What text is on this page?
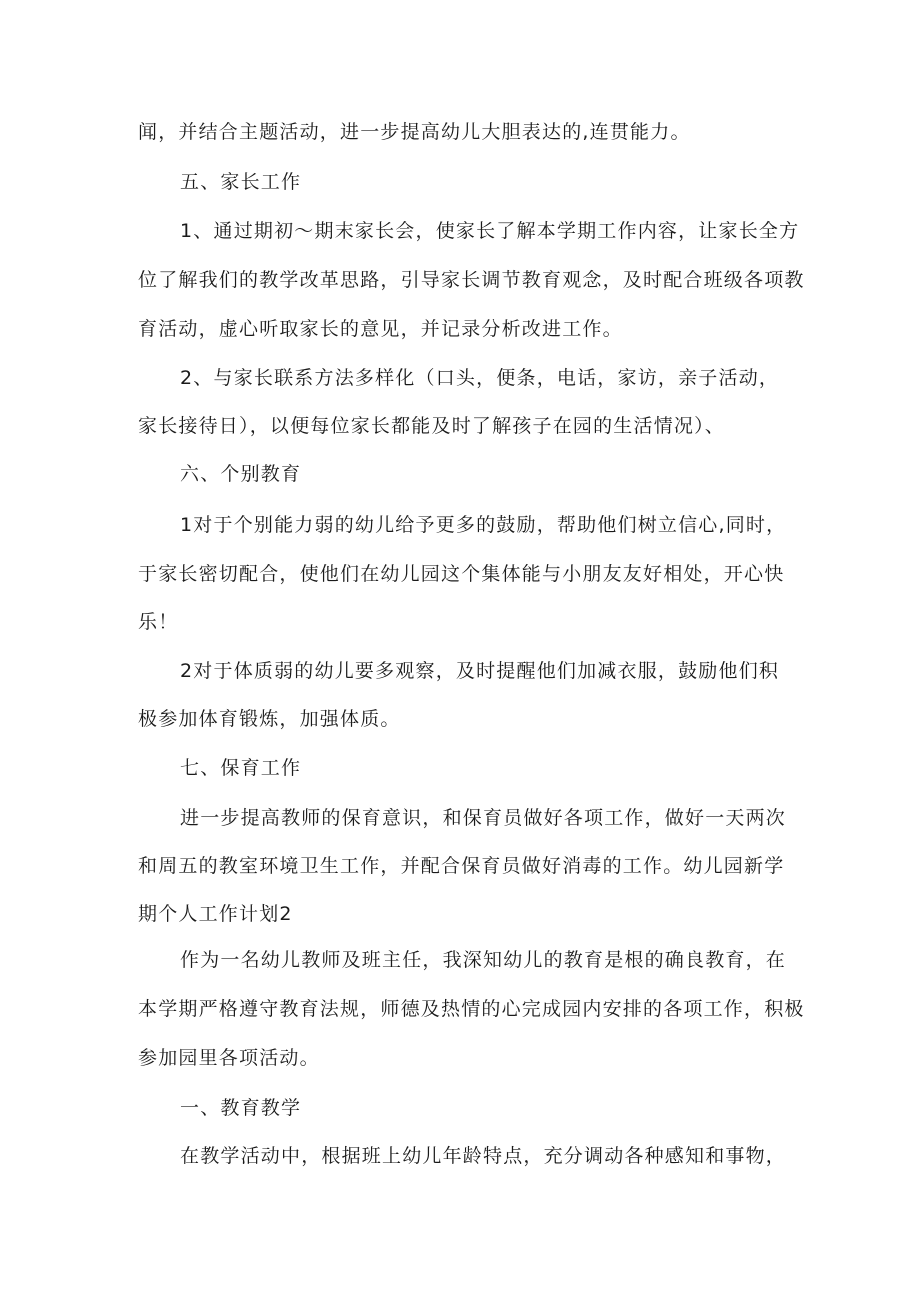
闻，并结合主题活动，进一步提高幼儿大胆表达的,连贯能力。
五、家长工作
1、通过期初～期末家长会，使家长了解本学期工作内容，让家长全方
位了解我们的教学改革思路，引导家长调节教育观念，及时配合班级各项教
育活动，虚心听取家长的意见，并记录分析改进工作。
2、与家长联系方法多样化（口头，便条，电话，家访，亲子活动，
家长接待日），以便每位家长都能及时了解孩子在园的生活情况）、
六、个别教育
1对于个别能力弱的幼儿给予更多的鼓励，帮助他们树立信心,同时，
于家长密切配合，使他们在幼儿园这个集体能与小朋友友好相处，开心快
乐！
2对于体质弱的幼儿要多观察，及时提醒他们加减衣服，鼓励他们积
极参加体育锻炼，加强体质。
七、保育工作
进一步提高教师的保育意识，和保育员做好各项工作，做好一天两次
和周五的教室环境卫生工作，并配合保育员做好消毒的工作。幼儿园新学
期个人工作计划2
作为一名幼儿教师及班主任，我深知幼儿的教育是根的确良教育，在
本学期严格遵守教育法规，师德及热情的心完成园内安排的各项工作，积极
参加园里各项活动。
一、教育教学
在教学活动中，根据班上幼儿年龄特点，充分调动各种感知和事物，
